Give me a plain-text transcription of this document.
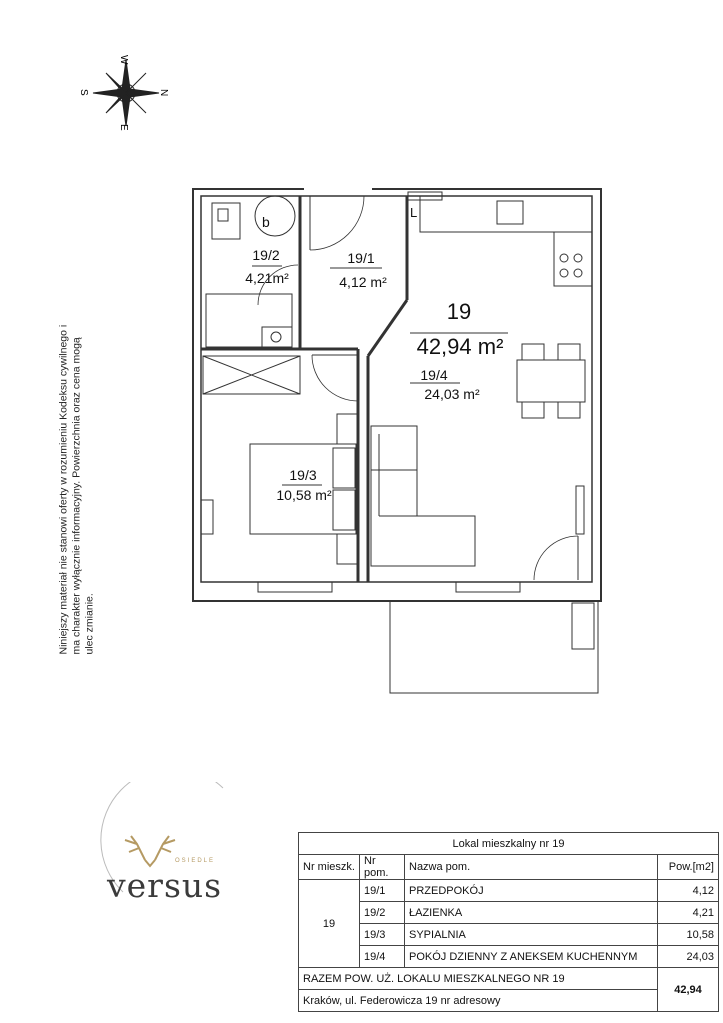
W
E
S	N
b
L
19/2
4,21m²
19/1
4,12 m²
19
42,94 m²
19/4
24,03 m²
19/3
10,58 m²
Niniejszy materiał nie stanowi oferty w rozumieniu Kodeksu cywilnego i ma charakter wyłącznie informacyjny. Powierzchnia oraz cena mogą ulec zmianie.
OSIEDLE
versus
Lokal mieszkalny nr 19			
Nr mieszk.	Nr pom.	Nazwa pom.	Pow.[m2]
19	19/1	PRZEDPOKÓJ	4,12
	19/2	ŁAZIENKA	4,21
	19/3	SYPIALNIA	10,58
	19/4	POKÓJ DZIENNY Z ANEKSEM KUCHENNYM	24,03
RAZEM POW. UŻ. LOKALU MIESZKALNEGO NR 19			42,94
Kraków, ul. Federowicza 19 nr adresowy			
